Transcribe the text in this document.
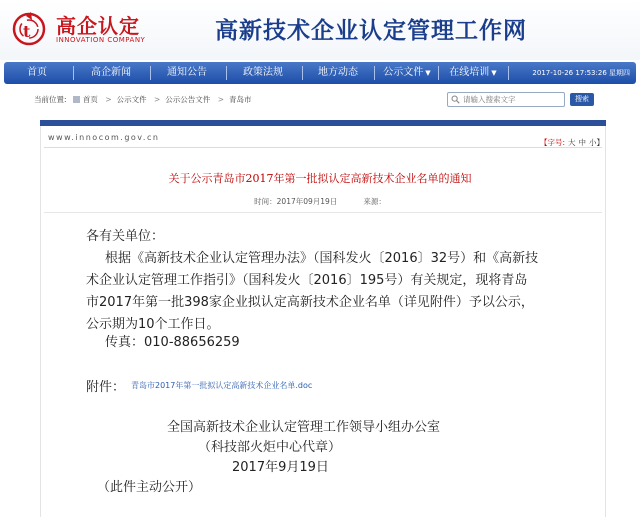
t 高企认定
INNOVATION COMPANY	高新技术企业认定管理工作网
首页	高企新闻	通知公告	政策法规	地方动态	公示文件 ▼	在线培训 ▼	2017-10-26 17:53:26 星期四
当前位置: 首页 > 公示文件 > 公示公告文件 > 青岛市
请输入搜索文字	搜索
www.innocom.gov.cn
【字号: 大 中 小】
关于公示青岛市2017年第一批拟认定高新技术企业名单的通知
时间：2017年09月19日	来源：
各有关单位：
根据《高新技术企业认定管理办法》（国科发火〔2016〕32号）和《高新技
术企业认定管理工作指引》（国科发火〔2016〕195号）有关规定，现将青岛
市2017年第一批398家企业拟认定高新技术企业名单（详见附件）予以公示，
公示期为10个工作日。
传真：010-88656259
附件： 青岛市2017年第一批拟认定高新技术企业名单.doc
全国高新技术企业认定管理工作领导小组办公室
（科技部火炬中心代章）
2017年9月19日
（此件主动公开）
